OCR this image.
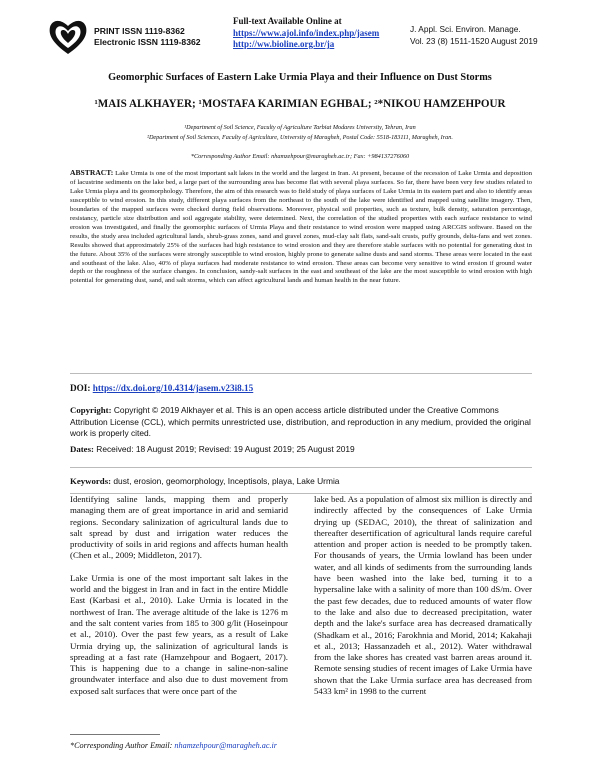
PRINT ISSN 1119-8362
Electronic ISSN 1119-8362
Full-text Available Online at
https://www.ajol.info/index.php/jasem
http://ww.bioline.org.br/ja
J. Appl. Sci. Environ. Manage.
Vol. 23 (8) 1511-1520 August 2019
Geomorphic Surfaces of Eastern Lake Urmia Playa and their Influence on Dust Storms
¹MAIS ALKHAYER; ¹MOSTAFA KARIMIAN EGHBAL; ²*NIKOU HAMZEHPOUR
¹Department of Soil Science, Faculty of Agriculture Tarbiat Modares University, Tehran, Iran
²Department of Soil Sciences, Faculty of Agriculture, University of Maragheh, Postal Code: 5518-183111, Maragheh, Iran.
*Corresponding Author Email: nhamzehpour@maragheh.ac.ir; Fax: +984137276060
ABSTRACT: Lake Urmia is one of the most important salt lakes in the world and the largest in Iran. At present, because of the recession of Lake Urmia and deposition of lacustrine sediments on the lake bed, a large part of the surrounding area has become flat with several playa surfaces. So far, there have been very few studies related to Lake Urmia playa and its geomorphology. Therefore, the aim of this research was to field study of playa surfaces of Lake Urmia in its eastern part and also to identify areas susceptible to wind erosion. In this study, different playa surfaces from the northeast to the south of the lake were identified and mapped using satellite imagery. Then, boundaries of the mapped surfaces were checked during field observations. Moreover, physical soil properties, such as texture, bulk density, saturation percentage, resistancy, particle size distribution and soil aggregate stability, were determined. Next, the correlation of the studied properties with each surface resistance to wind erosion was investigated, and finally the geomorphic surfaces of Urmia Playa and their resistance to wind erosion were mapped using ARCGIS software. Based on the results, the study area included agricultural lands, shrub-grass zones, sand and gravel zones, mud-clay salt flats, sand-salt crusts, puffy grounds, delta-fans and wet zones. Results showed that approximately 25% of the surfaces had high resistance to wind erosion and they are therefore stable surfaces with no potential for generating dust in the future. About 35% of the surfaces were strongly susceptible to wind erosion, highly prone to generate saline dusts and sand storms. These areas were located in the east and southeast of the lake. Also, 40% of playa surfaces had moderate resistance to wind erosion. These areas can become very sensitive to wind erosion if ground water depth or the roughness of the surface changes. In conclusion, sandy-salt surfaces in the east and southeast of the lake are the most susceptible to wind erosion with high potential for generating dust, sand, and salt storms, which can affect agricultural lands and human health in the near future.
DOI: https://dx.doi.org/10.4314/jasem.v23i8.15
Copyright: Copyright © 2019 Alkhayer et al. This is an open access article distributed under the Creative Commons Attribution License (CCL), which permits unrestricted use, distribution, and reproduction in any medium, provided the original work is properly cited.
Dates: Received: 18 August 2019; Revised: 19 August 2019; 25 August 2019
Keywords: dust, erosion, geomorphology, Inceptisols, playa, Lake Urmia

Identifying saline lands, mapping them and properly managing them are of great importance in arid and semiarid regions. Secondary salinization of agricultural lands due to salt spread by dust and irrigation water reduces the productivity of soils in arid regions and affects human health (Chen et al., 2009; Middleton, 2017).

Lake Urmia is one of the most important salt lakes in the world and the biggest in Iran and in fact in the entire Middle East (Karbasi et al., 2010). Lake Urmia is located in the northwest of Iran. The average altitude of the lake is 1276 m and the salt content varies from 185 to 300 g/lit (Hoseinpour et al., 2010). Over the past few years, as a result of Lake Urmia drying up, the salinization of agricultural lands is spreading at a fast rate (Hamzehpour and Bogaert, 2017). This is happening due to a change in saline-non-saline groundwater interface and also due to dust movement from exposed salt surfaces that were once part of the

lake bed. As a population of almost six million is directly and indirectly affected by the consequences of Lake Urmia drying up (SEDAC, 2010), the threat of salinization and thereafter desertification of agricultural lands require careful attention and proper action is needed to be promptly taken. For thousands of years, the Urmia lowland has been under water, and all kinds of sediments from the surrounding lands have been washed into the lake bed, turning it to a hypersaline lake with a salinity of more than 100 dS/m. Over the past few decades, due to reduced amounts of water flow to the lake and also due to decreased precipitation, water depth and the lake's surface area has decreased dramatically (Shadkam et al., 2016; Farokhnia and Morid, 2014; Kakahaji et al., 2013; Hassanzadeh et al., 2012). Water withdrawal from the lake shores has created vast barren areas around it. Remote sensing studies of recent images of Lake Urmia have shown that the Lake Urmia surface area has decreased from 5433 km² in 1998 to the current

*Corresponding Author Email: nhamzehpour@maragheh.ac.ir
